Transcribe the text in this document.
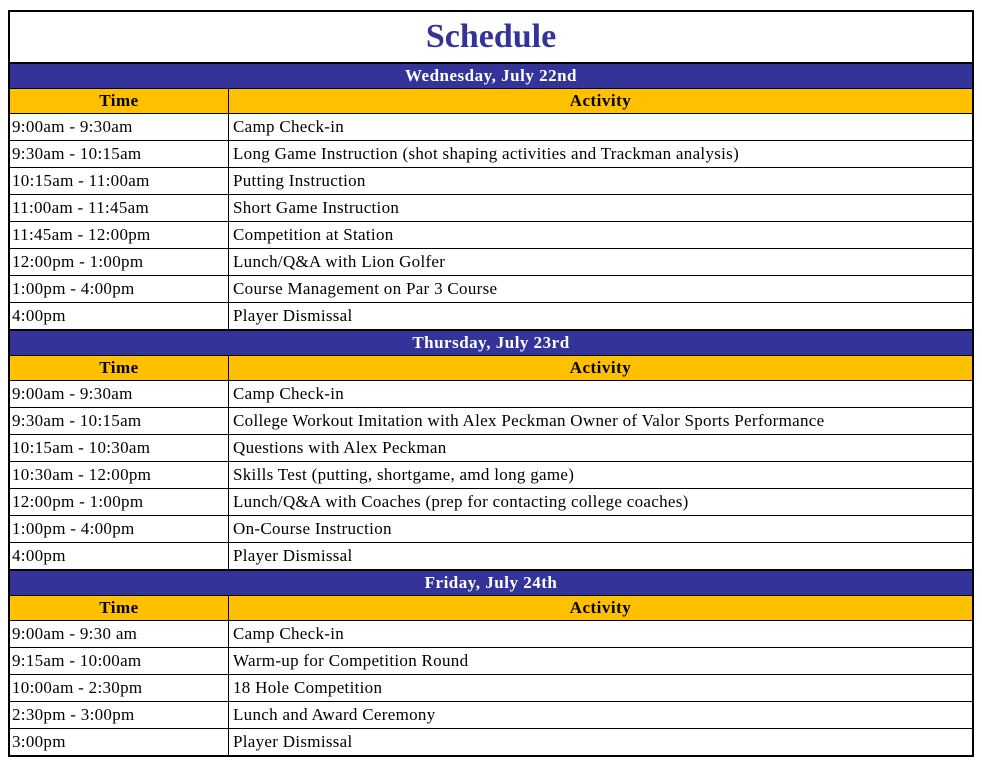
Schedule
Wednesday, July 22nd
Time	Activity
9:00am - 9:30am	Camp Check-in
9:30am - 10:15am	Long Game Instruction (shot shaping activities and Trackman analysis)
10:15am - 11:00am	Putting Instruction
11:00am - 11:45am	Short Game Instruction
11:45am - 12:00pm	Competition at Station
12:00pm - 1:00pm	Lunch/Q&A with Lion Golfer
1:00pm - 4:00pm	Course Management on Par 3 Course
4:00pm	Player Dismissal
Thursday, July 23rd
Time	Activity
9:00am - 9:30am	Camp Check-in
9:30am - 10:15am	College Workout Imitation with Alex Peckman Owner of Valor Sports Performance
10:15am - 10:30am	Questions with Alex Peckman
10:30am - 12:00pm	Skills Test (putting, shortgame, amd long game)
12:00pm - 1:00pm	Lunch/Q&A with Coaches (prep for contacting college coaches)
1:00pm - 4:00pm	On-Course Instruction
4:00pm	Player Dismissal
Friday, July 24th
Time	Activity
9:00am - 9:30 am	Camp Check-in
9:15am - 10:00am	Warm-up for Competition Round
10:00am - 2:30pm	18 Hole Competition
2:30pm - 3:00pm	Lunch and Award Ceremony
3:00pm	Player Dismissal
